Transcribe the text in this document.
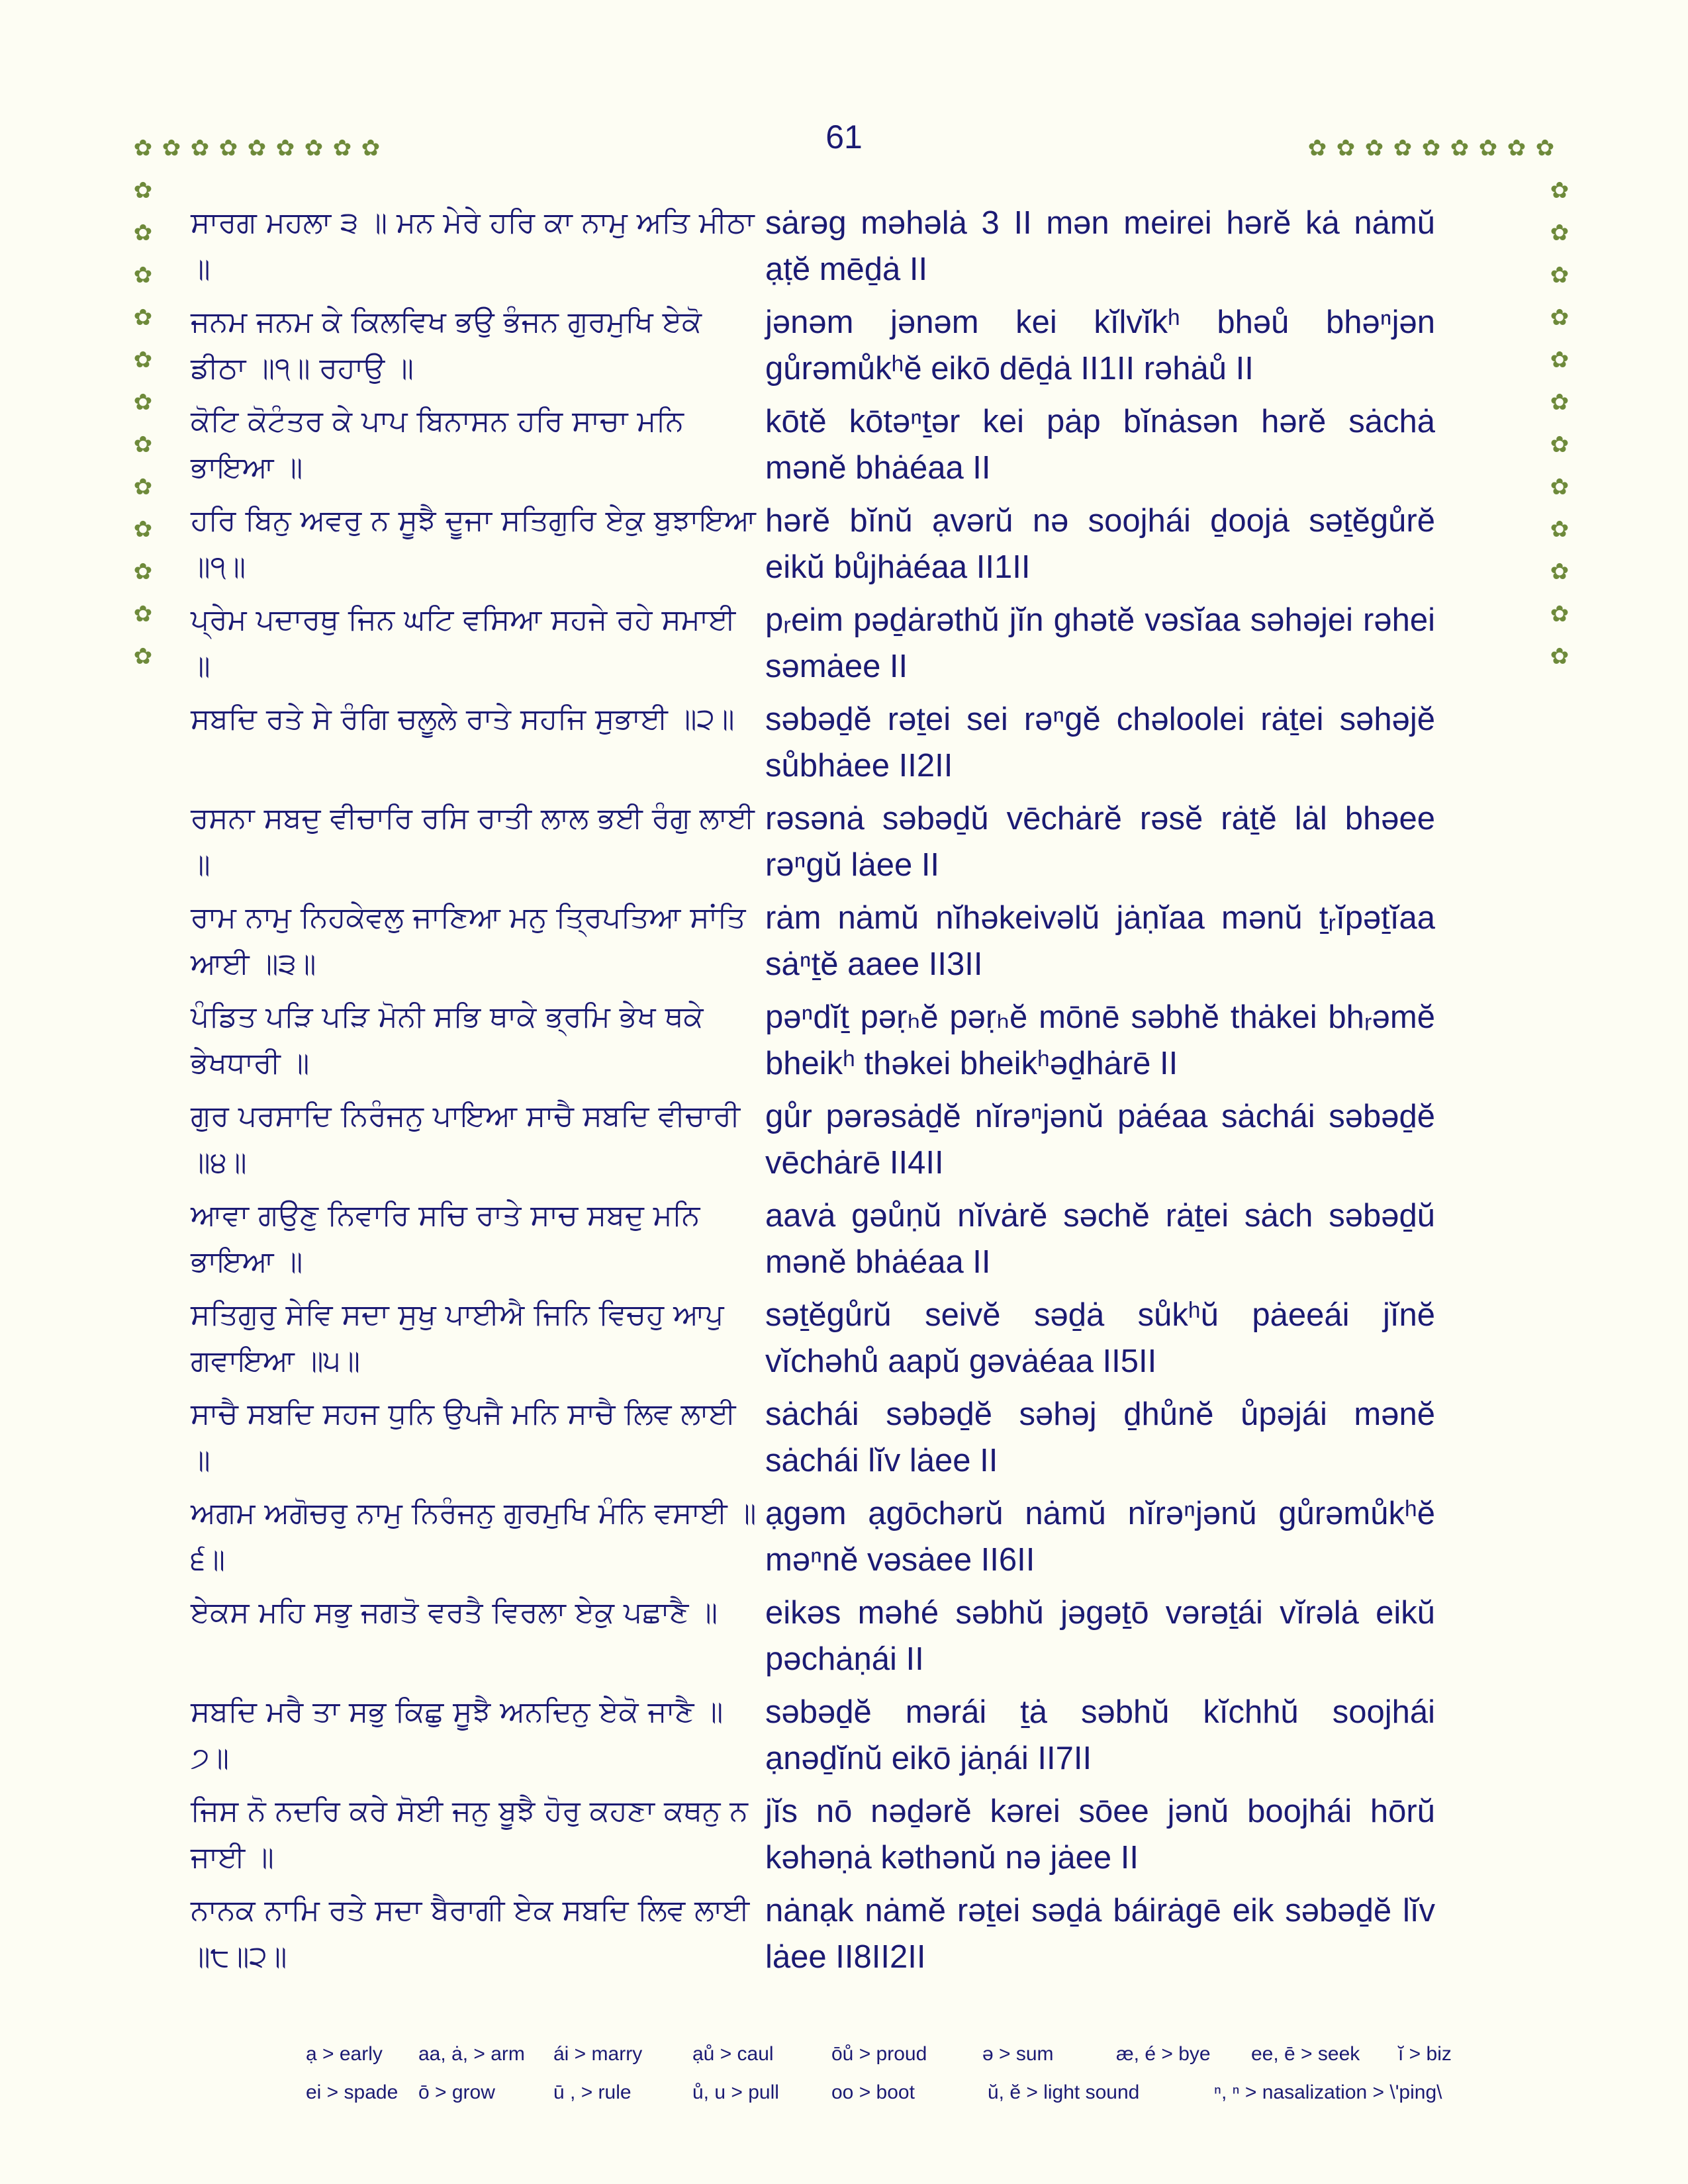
61
✿ ✿ ✿ ✿ ✿ ✿ ✿ ✿ ✿	✿ ✿ ✿ ✿ ✿ ✿ ✿ ✿ ✿
✿
✿
✿
✿
✿
✿
✿
✿
✿
✿
✿
✿
✿
✿
✿
✿
✿
✿
✿
✿
✿
✿
✿
✿
ਸਾਰਗ ਮਹਲਾ ੩ ॥ ਮਨ ਮੇਰੇ ਹਰਿ ਕਾ ਨਾਮੁ ਅਤਿ ਮੀਠਾ ॥
sȧrəg məhəlȧ 3 II mən meirei hərĕ kȧ nȧmŭ ạṭĕ mēḏȧ II
ਜਨਮ ਜਨਮ ਕੇ ਕਿਲਵਿਖ ਭਉ ਭੰਜਨ ਗੁਰਮੁਖਿ ਏਕੋ ਡੀਠਾ ॥੧॥ ਰਹਾਉ ॥
jənəm jənəm kei kĭlvĭkʰ bhəů bhəⁿjən gůrəmůkʰĕ eikō dēḏȧ II1II rəhȧů II
ਕੋਟਿ ਕੋਟੰਤਰ ਕੇ ਪਾਪ ਬਿਨਾਸਨ ਹਰਿ ਸਾਚਾ ਮਨਿ ਭਾਇਆ ॥
kōtĕ kōtəⁿṯər kei pȧp bĭnȧsən hərĕ sȧchȧ mənĕ bhȧéaa II
ਹਰਿ ਬਿਨੁ ਅਵਰੁ ਨ ਸੂਝੈ ਦੂਜਾ ਸਤਿਗੁਰਿ ਏਕੁ ਬੁਝਾਇਆ ॥੧॥
hərĕ bĭnŭ ạvərŭ nə soojhái ḏoojȧ səṯĕgůrĕ eikŭ bůjhȧéaa II1II
ਪ੍ਰੇਮ ਪਦਾਰਥੁ ਜਿਨ ਘਟਿ ਵਸਿਆ ਸਹਜੇ ਰਹੇ ਸਮਾਈ ॥
pᵣeim pəḏȧrəthŭ jĭn ghətĕ vəsĭaa səhəjei rəhei səmȧee II
ਸਬਦਿ ਰਤੇ ਸੇ ਰੰਗਿ ਚਲੂਲੇ ਰਾਤੇ ਸਹਜਿ ਸੁਭਾਈ ॥੨॥ səbəḏĕ rəṯei sei rəⁿgĕ chəloolei rȧṯei səhəjĕ sůbhȧee II2II
ਰਸਨਾ ਸਬਦੁ ਵੀਚਾਰਿ ਰਸਿ ਰਾਤੀ ਲਾਲ ਭਈ ਰੰਗੁ ਲਾਈ ॥
rəsənȧ səbəḏŭ vēchȧrĕ rəsĕ rȧṯĕ lȧl bhəee rəⁿgŭ lȧee II
ਰਾਮ ਨਾਮੁ ਨਿਹਕੇਵਲੁ ਜਾਣਿਆ ਮਨੁ ਤ੍ਰਿਪਤਿਆ ਸਾਂਤਿ ਆਈ ॥੩॥
rȧm nȧmŭ nĭhəkeivəlŭ jȧṇĭaa mənŭ ṯᵣĭpəṯĭaa sȧⁿṯĕ aaee II3II
ਪੰਡਿਤ ਪੜਿ ਪੜਿ ਮੋਨੀ ਸਭਿ ਥਾਕੇ ਭ੍ਰਮਿ ਭੇਖ ਥਕੇ ਭੇਖਧਾਰੀ ॥
pəⁿdĭṯ pəṛₕĕ pəṛₕĕ mōnē səbhĕ thȧkei bhᵣəmĕ bheikʰ thəkei bheikʰəḏhȧrē II
ਗੁਰ ਪਰਸਾਦਿ ਨਿਰੰਜਨੁ ਪਾਇਆ ਸਾਚੈ ਸਬਦਿ ਵੀਚਾਰੀ ॥੪॥
gůr pərəsȧḏĕ nĭrəⁿjənŭ pȧéaa sȧchái səbəḏĕ vēchȧrē II4II
ਆਵਾ ਗਉਣੁ ਨਿਵਾਰਿ ਸਚਿ ਰਾਤੇ ਸਾਚ ਸਬਦੁ ਮਨਿ ਭਾਇਆ ॥
aavȧ gəůṇŭ nĭvȧrĕ səchĕ rȧṯei sȧch səbəḏŭ mənĕ bhȧéaa II
ਸਤਿਗੁਰੁ ਸੇਵਿ ਸਦਾ ਸੁਖੁ ਪਾਈਐ ਜਿਨਿ ਵਿਚਹੁ ਆਪੁ ਗਵਾਇਆ ॥੫॥
səṯĕgůrŭ seivĕ səḏȧ sůkʰŭ pȧeeái jĭnĕ vĭchəhů aapŭ gəvȧéaa II5II
ਸਾਚੈ ਸਬਦਿ ਸਹਜ ਧੁਨਿ ਉਪਜੈ ਮਨਿ ਸਾਚੈ ਲਿਵ ਲਾਈ ॥
sȧchái səbəḏĕ səhəj ḏhůnĕ ůpəjái mənĕ sȧchái lĭv lȧee II
ਅਗਮ ਅਗੋਚਰੁ ਨਾਮੁ ਨਿਰੰਜਨੁ ਗੁਰਮੁਖਿ ਮੰਨਿ ਵਸਾਈ ॥੬॥
ạgəm ạgōchərŭ nȧmŭ nĭrəⁿjənŭ gůrəmůkʰĕ məⁿnĕ vəsȧee II6II
ਏਕਸ ਮਹਿ ਸਭੁ ਜਗਤੋ ਵਰਤੈ ਵਿਰਲਾ ਏਕੁ ਪਛਾਣੈ ॥	eikəs məhé səbhŭ jəgəṯō vərəṯái vĭrəlȧ eikŭ pəchȧṇái II
ਸਬਦਿ ਮਰੈ ਤਾ ਸਭੁ ਕਿਛੁ ਸੂਝੈ ਅਨਦਿਨੁ ਏਕੋ ਜਾਣੈ ॥੭॥
səbəḏĕ mərái ṯȧ səbhŭ kĭchhŭ soojhái ạnəḏĭnŭ eikō jȧṇái II7II
ਜਿਸ ਨੋ ਨਦਰਿ ਕਰੇ ਸੋਈ ਜਨੁ ਬੂਝੈ ਹੋਰੁ ਕਹਣਾ ਕਥਨੁ ਨ ਜਾਈ ॥
jĭs nō nəḏərĕ kərei sōee jənŭ boojhái hōrŭ kəhəṇȧ kəthənŭ nə jȧee II
ਨਾਨਕ ਨਾਮਿ ਰਤੇ ਸਦਾ ਬੈਰਾਗੀ ਏਕ ਸਬਦਿ ਲਿਵ ਲਾਈ ॥੮॥੨॥
nȧnạk nȧmĕ rəṯei səḏȧ báirȧgē eik səbəḏĕ lĭv lȧee II8II2II
ạ > early aa, ȧ, > arm ái > marry	ạů > caul	ōů > proud	ə > sum	æ, é > bye ee, ē > seek ĭ > biz
ei > spade ō > grow	ū , > rule	ů, u > pull	oo > boot	ŭ, ĕ > light sound	ⁿ, ⁿ > nasalization > \'ping\
